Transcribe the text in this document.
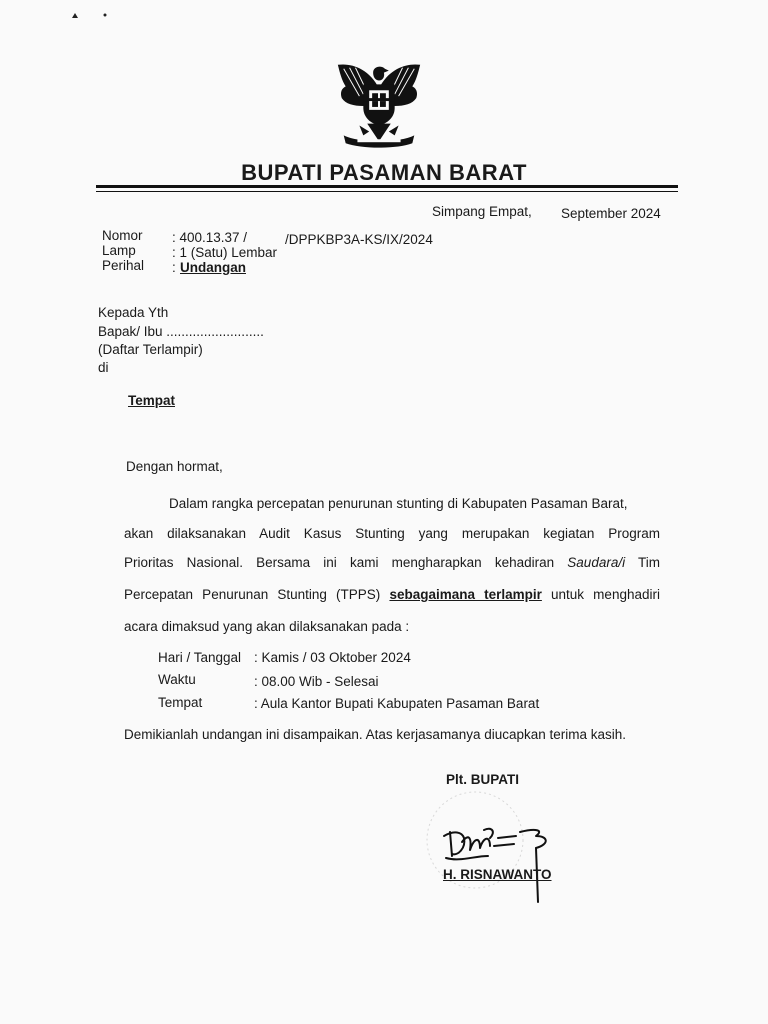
BUPATI PASAMAN BARAT
Simpang Empat, September 2024
Nomor : 400.13.37 /	/DPPKBP3A-KS/IX/2024
Lamp	: 1 (Satu) Lembar
Perihal : Undangan
Kepada Yth
Bapak/ Ibu ..........................
(Daftar Terlampir)
di
Tempat
Dengan hormat,
Dalam rangka percepatan penurunan stunting di Kabupaten Pasaman Barat,
akan dilaksanakan Audit Kasus Stunting yang merupakan kegiatan Program
Prioritas Nasional. Bersama ini kami mengharapkan kehadiran Saudara/i Tim
Percepatan Penurunan Stunting (TPPS) sebagaimana terlampir untuk menghadiri
acara dimaksud yang akan dilaksanakan pada :
Hari / Tanggal : Kamis / 03 Oktober 2024
Waktu	: 08.00 Wib - Selesai
Tempat	: Aula Kantor Bupati Kabupaten Pasaman Barat
Demikianlah undangan ini disampaikan. Atas kerjasamanya diucapkan terima kasih.
Plt. BUPATI
H. RISNAWANTO
